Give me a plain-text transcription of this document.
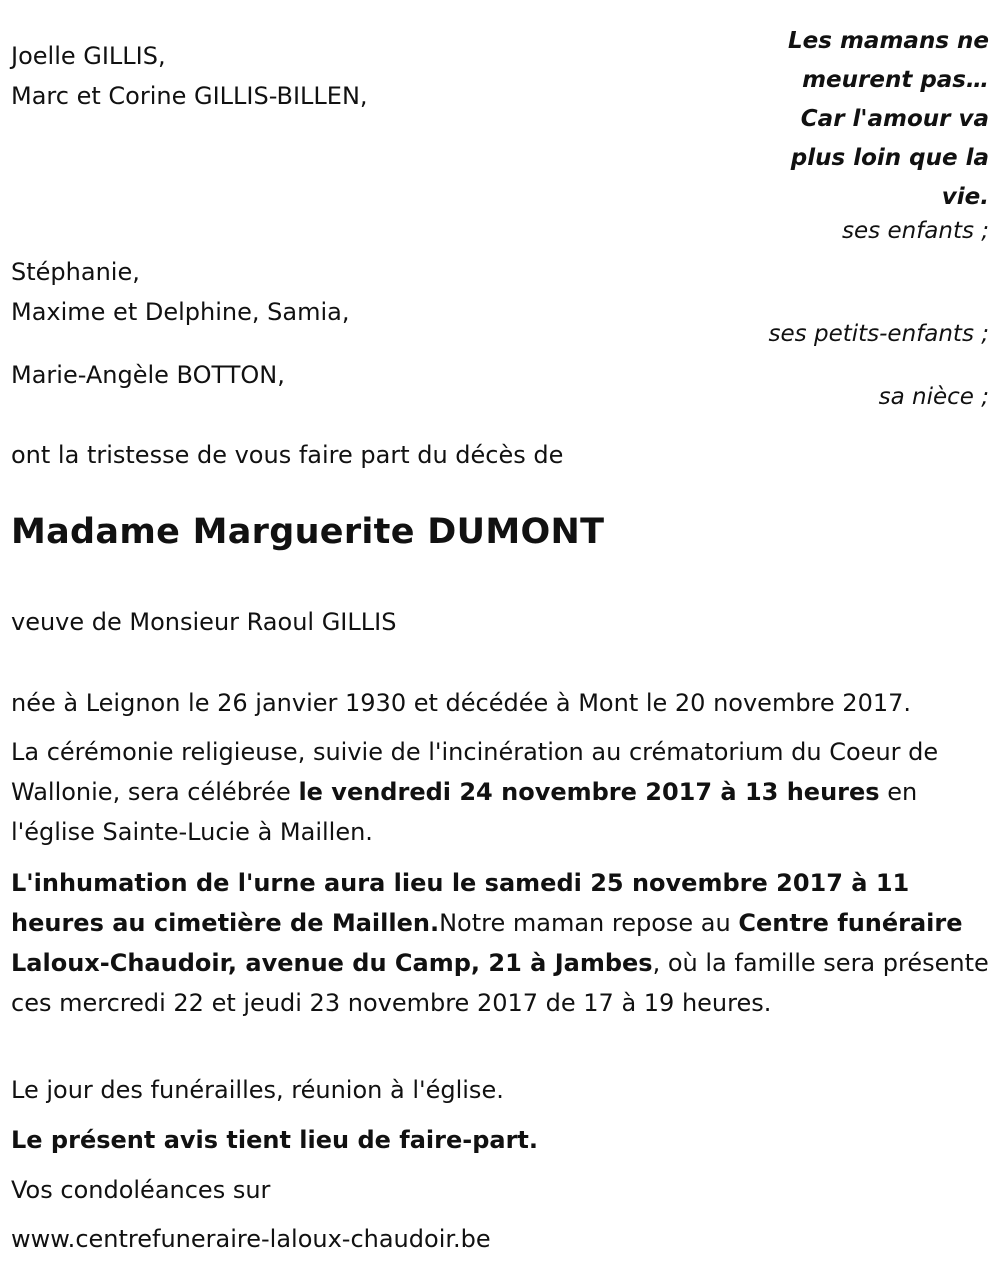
Les mamans ne
meurent pas…
Car l'amour va
plus loin que la
vie.
Joelle GILLIS,
Marc et Corine GILLIS-BILLEN,
ses enfants ;
Stéphanie,
Maxime et Delphine, Samia,
ses petits-enfants ;
Marie-Angèle BOTTON,
sa nièce ;
ont la tristesse de vous faire part du décès de
Madame Marguerite DUMONT
veuve de Monsieur Raoul GILLIS
née à Leignon le 26 janvier 1930 et décédée à Mont le 20 novembre 2017.
La cérémonie religieuse, suivie de l'incinération au crématorium du Coeur de Wallonie, sera célébrée le vendredi 24 novembre 2017 à 13 heures en l'église Sainte-Lucie à Maillen.
L'inhumation de l'urne aura lieu le samedi 25 novembre 2017 à 11 heures au cimetière de Maillen.Notre maman repose au Centre funéraire Laloux-Chaudoir, avenue du Camp, 21 à Jambes, où la famille sera présente ces mercredi 22 et jeudi 23 novembre 2017 de 17 à 19 heures.
Le jour des funérailles, réunion à l'église.
Le présent avis tient lieu de faire-part.
Vos condoléances sur
www.centrefuneraire-laloux-chaudoir.be
